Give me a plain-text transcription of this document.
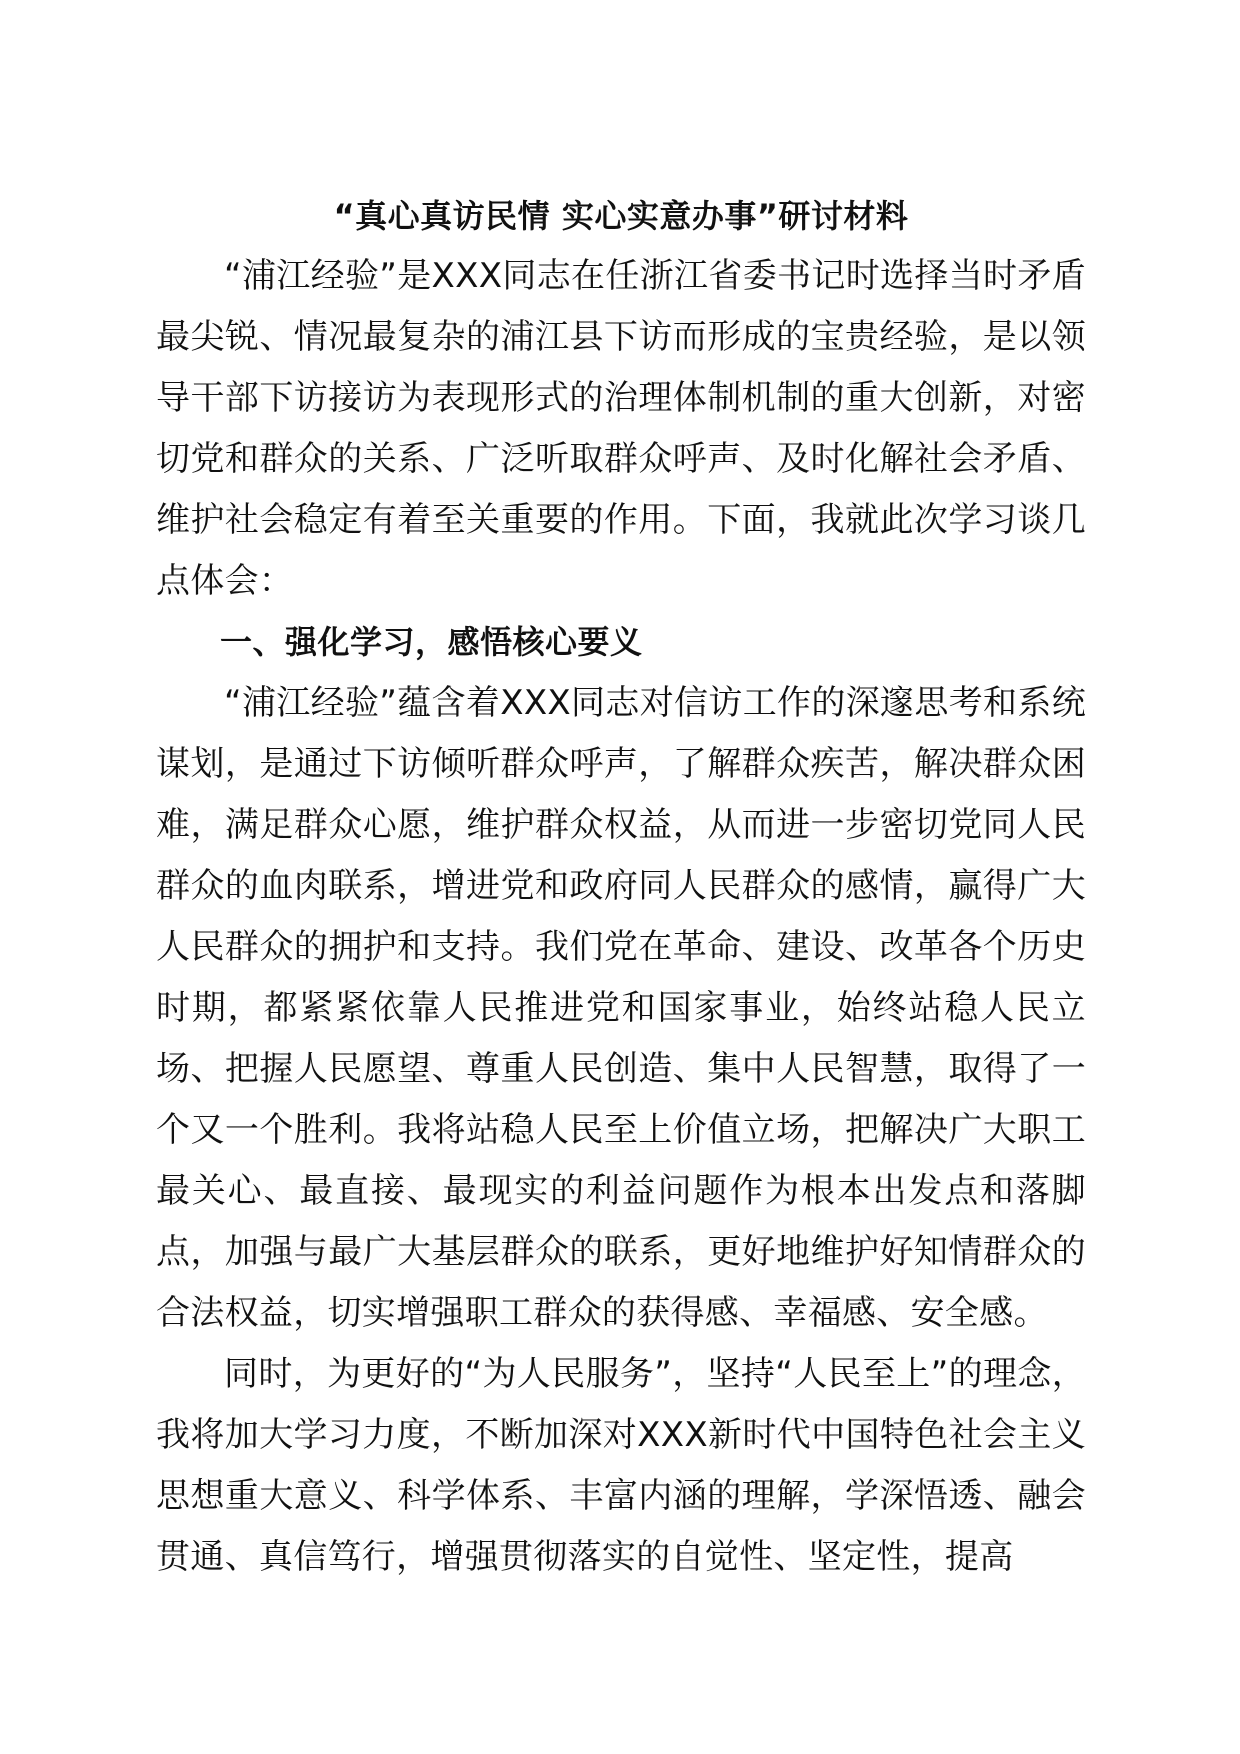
“真心真访民情 实心实意办事”研讨材料

“浦江经验”是XXX同志在任浙江省委书记时选择当时矛盾最尖锐、情况最复杂的浦江县下访而形成的宝贵经验，是以领导干部下访接访为表现形式的治理体制机制的重大创新，对密切党和群众的关系、广泛听取群众呼声、及时化解社会矛盾、维护社会稳定有着至关重要的作用。下面，我就此次学习谈几点体会：

一、强化学习，感悟核心要义

“浦江经验”蕴含着XXX同志对信访工作的深邃思考和系统谋划，是通过下访倾听群众呼声，了解群众疾苦，解决群众困难，满足群众心愿，维护群众权益，从而进一步密切党同人民群众的血肉联系，增进党和政府同人民群众的感情，赢得广大人民群众的拥护和支持。我们党在革命、建设、改革各个历史时期，都紧紧依靠人民推进党和国家事业，始终站稳人民立场、把握人民愿望、尊重人民创造、集中人民智慧，取得了一个又一个胜利。我将站稳人民至上价值立场，把解决广大职工最关心、最直接、最现实的利益问题作为根本出发点和落脚点，加强与最广大基层群众的联系，更好地维护好知情群众的合法权益，切实增强职工群众的获得感、幸福感、安全感。

同时，为更好的“为人民服务”，坚持“人民至上”的理念，我将加大学习力度，不断加深对XXX新时代中国特色社会主义思想重大意义、科学体系、丰富内涵的理解，学深悟透、融会贯通、真信笃行，增强贯彻落实的自觉性、坚定性，提高
